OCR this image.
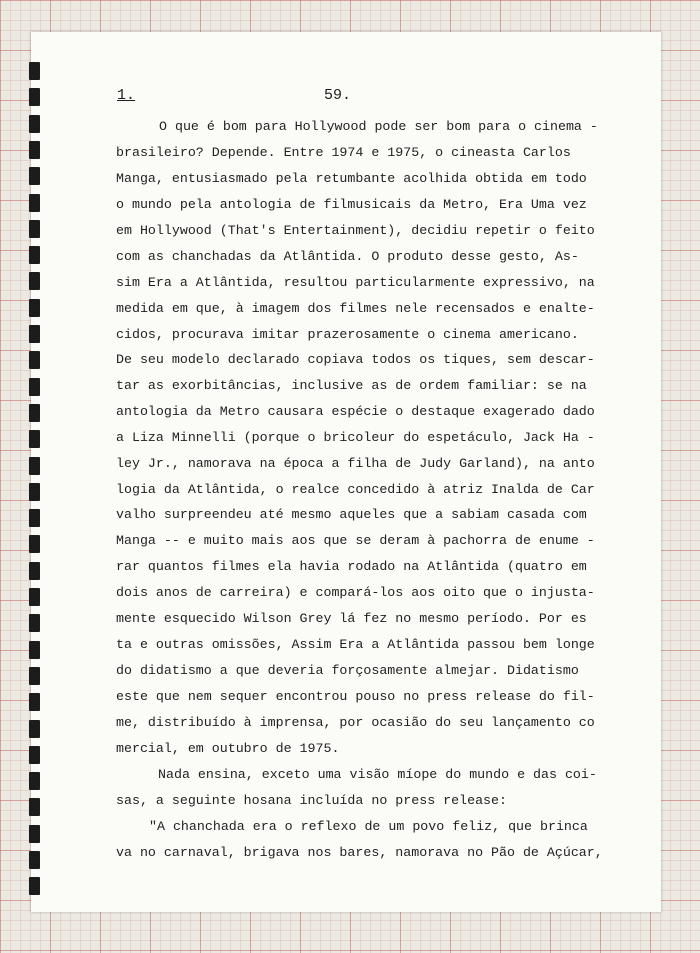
1.	59.
O que é bom para Hollywood pode ser bom para o cinema -
brasileiro? Depende. Entre 1974 e 1975, o cineasta Carlos
Manga, entusiasmado pela retumbante acolhida obtida em todo
o mundo pela antologia de filmusicais da Metro, Era Uma vez
em Hollywood (That's Entertainment), decidiu repetir o feito
com as chanchadas da Atlântida. O produto desse gesto, As-
sim Era a Atlântida, resultou particularmente expressivo, na
medida em que, à imagem dos filmes nele recensados e enalte-
cidos, procurava imitar prazerosamente o cinema americano.
De seu modelo declarado copiava todos os tiques, sem descar-
tar as exorbitâncias, inclusive as de ordem familiar: se na
antologia da Metro causara espécie o destaque exagerado dado
a Liza Minnelli (porque o bricoleur do espetáculo, Jack Ha -
ley Jr., namorava na época a filha de Judy Garland), na anto
logia da Atlântida, o realce concedido à atriz Inalda de Car
valho surpreendeu até mesmo aqueles que a sabiam casada com
Manga -- e muito mais aos que se deram à pachorra de enume -
rar quantos filmes ela havia rodado na Atlântida (quatro em
dois anos de carreira) e compará-los aos oito que o injusta-
mente esquecido Wilson Grey lá fez no mesmo período. Por es
ta e outras omissões, Assim Era a Atlântida passou bem longe
do didatismo a que deveria forçosamente almejar. Didatismo
este que nem sequer encontrou pouso no press release do fil-
me, distribuído à imprensa, por ocasião do seu lançamento co
mercial, em outubro de 1975.
Nada ensina, exceto uma visão míope do mundo e das coi-
sas, a seguinte hosana incluída no press release:
"A chanchada era o reflexo de um povo feliz, que brinca
va no carnaval, brigava nos bares, namorava no Pão de Açúcar,
